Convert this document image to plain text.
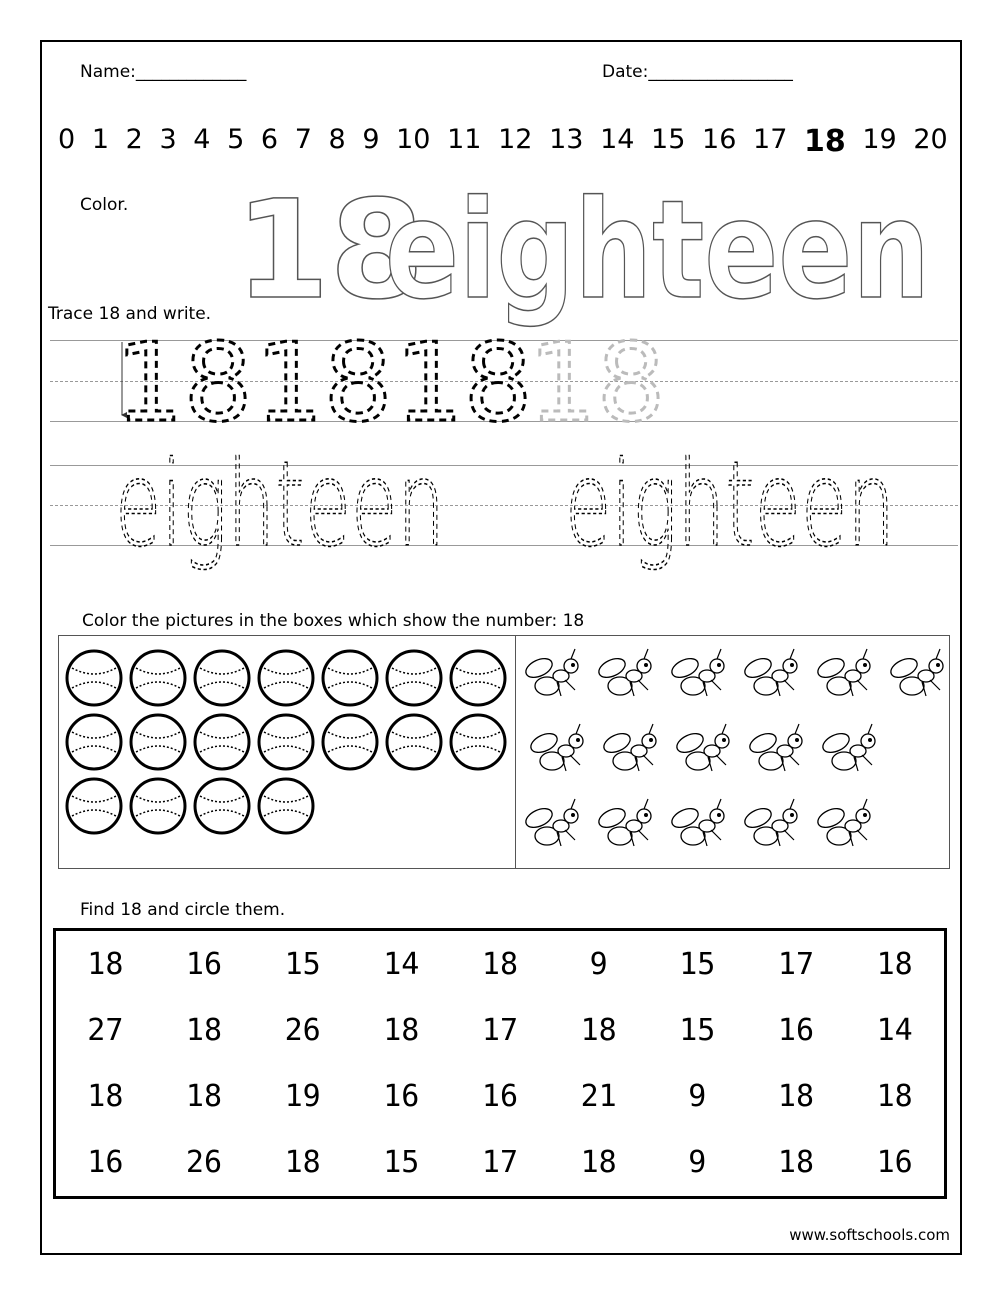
Name:_____________	Date:_________________
0 1 2 3 4 5 6 7 8 9 10 11 12 13 14 15 16 17 18 19 20
Color. 18
eighteen
Trace 18 and write.
18 18 18
18
eighteen eighteen
Color the pictures in the boxes which show the number: 18
Find 18 and circle them.
18	16	15	14	18	9	15	17	18
27	18	26	18	17	18	15	16	14
18	18	19	16	16	21	9	18	18
16	26	18	15	17	18	9	18	16
www.softschools.com
